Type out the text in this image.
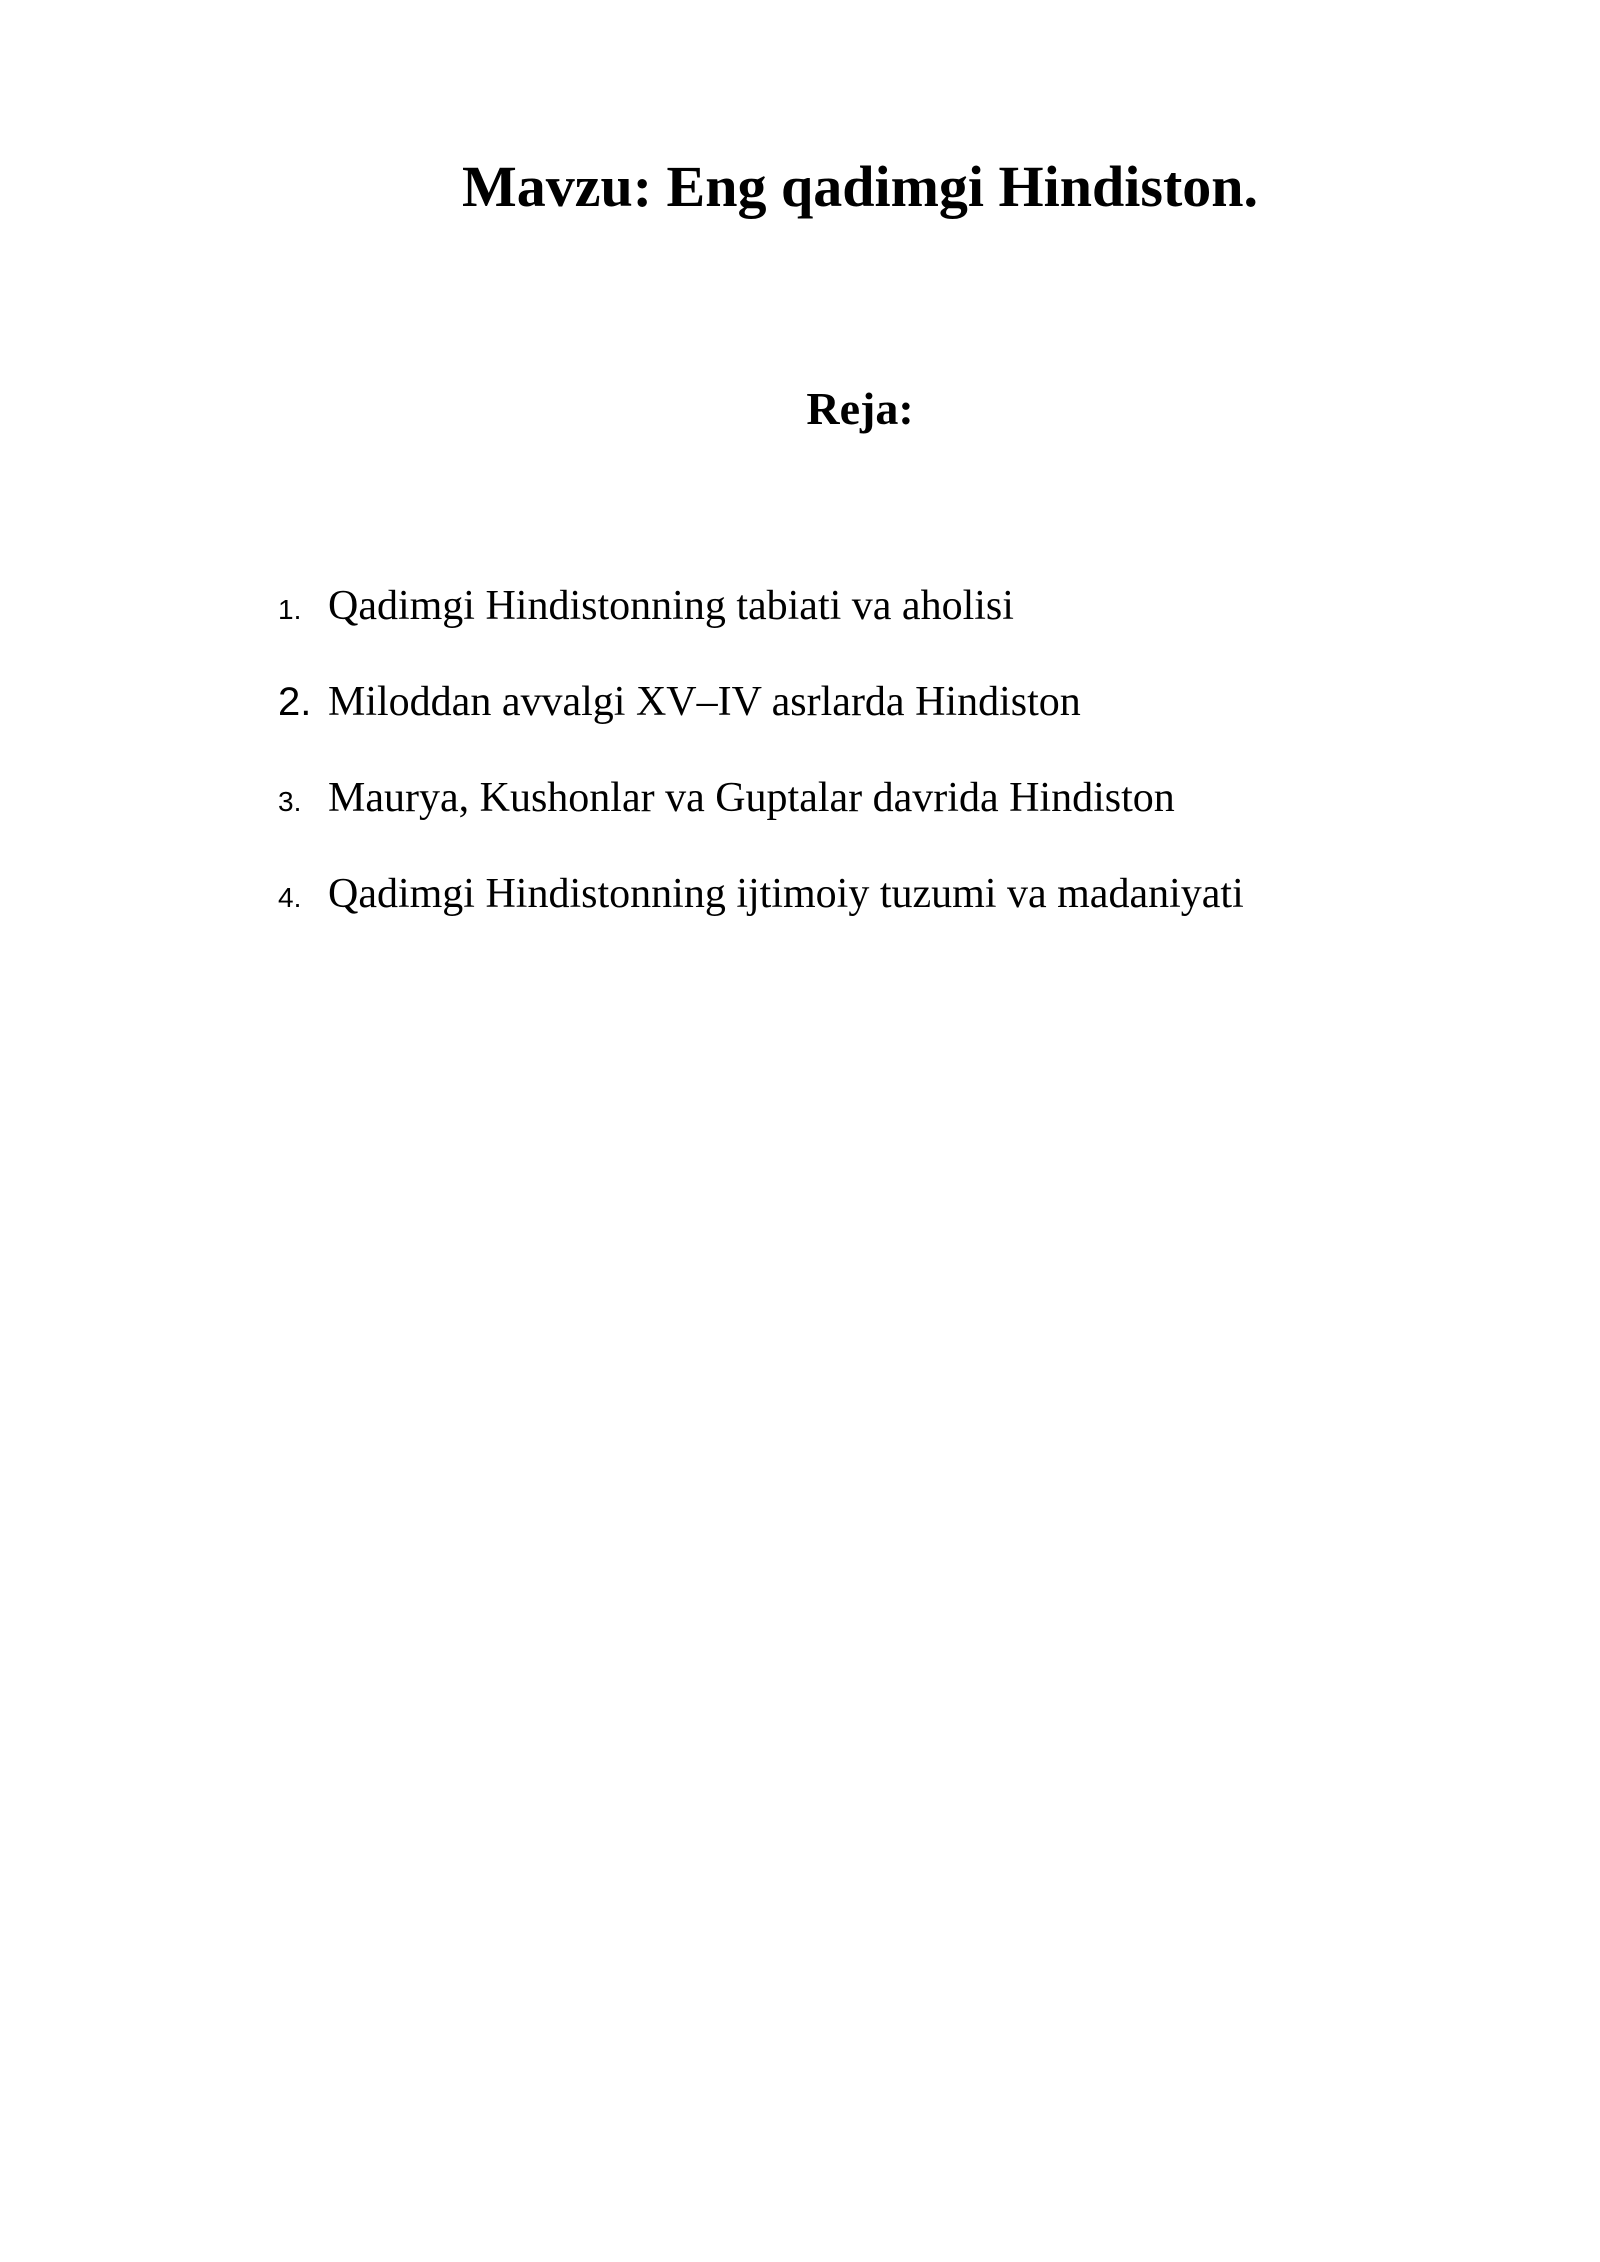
Mavzu: Eng qadimgi Hindiston.
Reja:
1. Qadimgi Hindistonning tabiati va aholisi
2. Miloddan avvalgi XV–IV asrlarda Hindiston
3. Maurya, Kushonlar va Guptalar davrida Hindiston
4. Qadimgi Hindistonning ijtimoiy tuzumi va madaniyati
